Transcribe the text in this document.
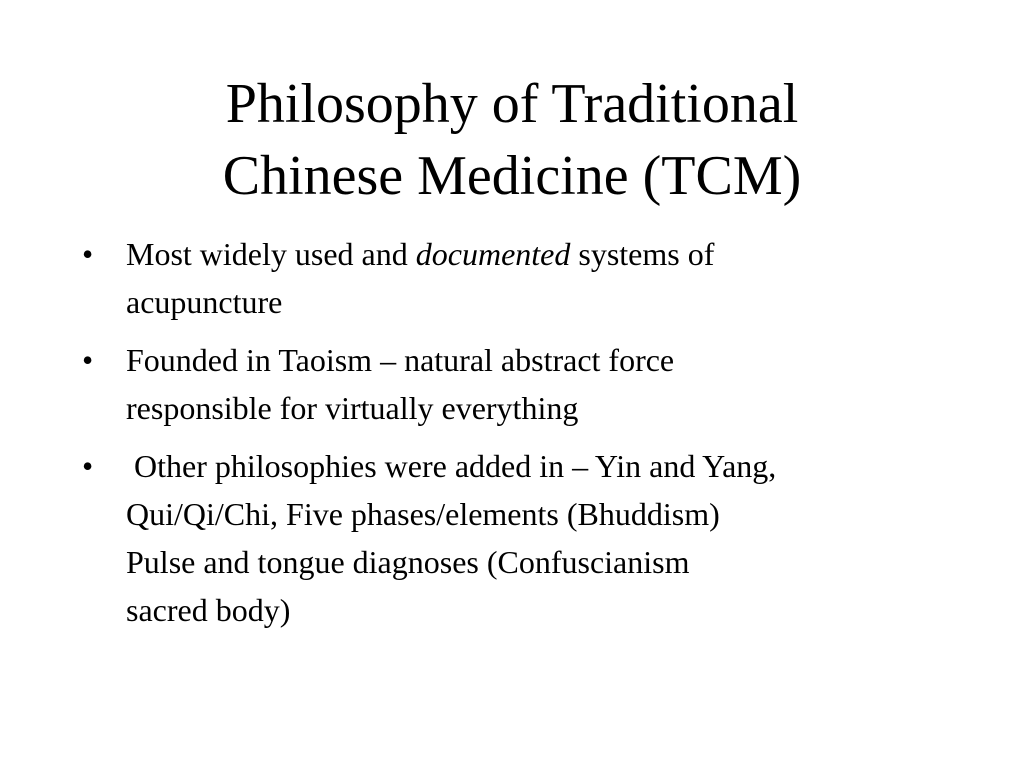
Philosophy of Traditional
Chinese Medicine (TCM)
•	Most widely used and documented systems of
acupuncture
•	Founded in Taoism – natural abstract force
responsible for virtually everything
•	Other philosophies were added in – Yin and Yang,
Qui/Qi/Chi, Five phases/elements (Bhuddism)
Pulse and tongue diagnoses (Confuscianism
sacred body)
